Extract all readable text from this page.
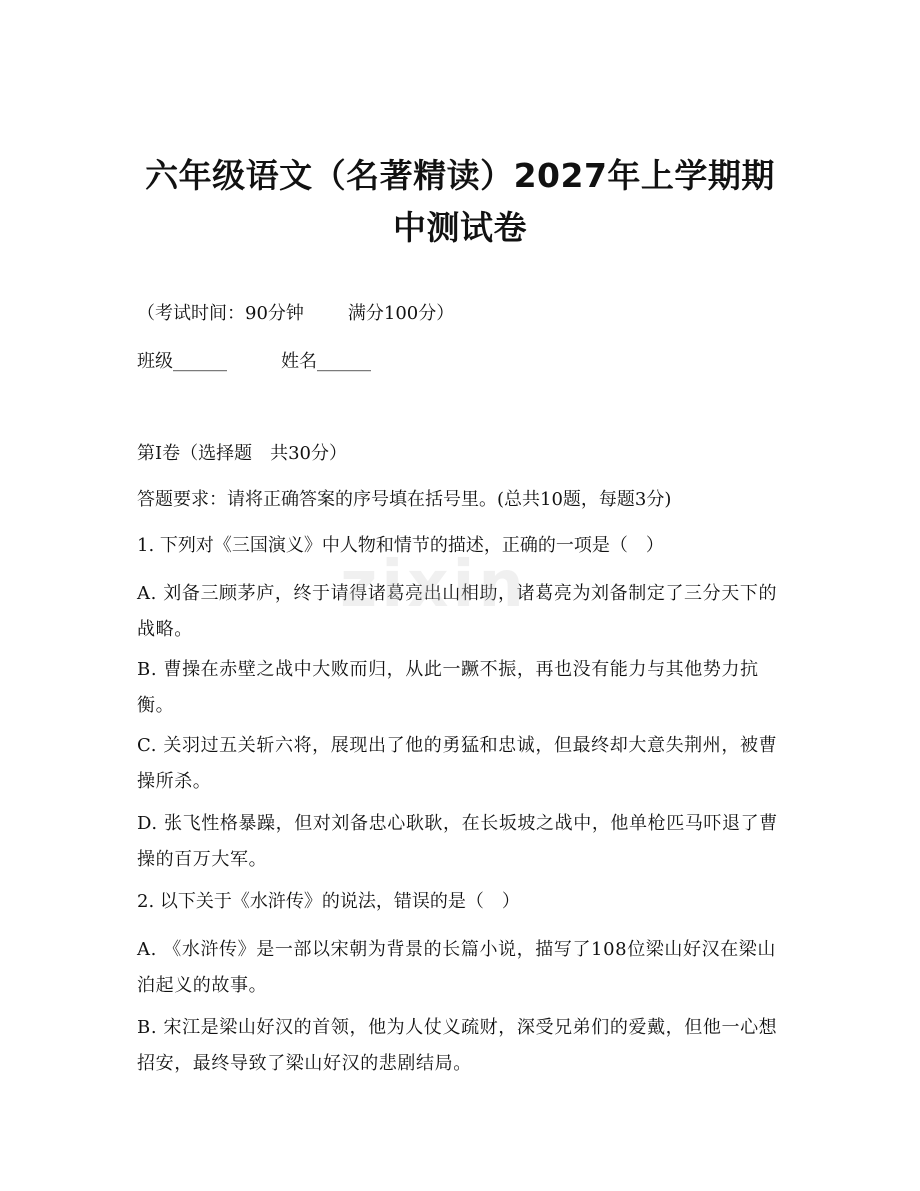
六年级语文（名著精读）2027年上学期期中测试卷
（考试时间：90分钟 满分100分）
班级______	姓名______
第I卷（选择题　共30分）
答题要求：请将正确答案的序号填在括号里。(总共10题，每题3分)
1. 下列对《三国演义》中人物和情节的描述，正确的一项是（　）
A. 刘备三顾茅庐，终于请得诸葛亮出山相助，诸葛亮为刘备制定了三分天下的战略。
B. 曹操在赤壁之战中大败而归，从此一蹶不振，再也没有能力与其他势力抗衡。
C. 关羽过五关斩六将，展现出了他的勇猛和忠诚，但最终却大意失荆州，被曹操所杀。
D. 张飞性格暴躁，但对刘备忠心耿耿，在长坂坡之战中，他单枪匹马吓退了曹操的百万大军。
2. 以下关于《水浒传》的说法，错误的是（　）
A. 《水浒传》是一部以宋朝为背景的长篇小说，描写了108位梁山好汉在梁山泊起义的故事。
B. 宋江是梁山好汉的首领，他为人仗义疏财，深受兄弟们的爱戴，但他一心想招安，最终导致了梁山好汉的悲剧结局。
zixin
